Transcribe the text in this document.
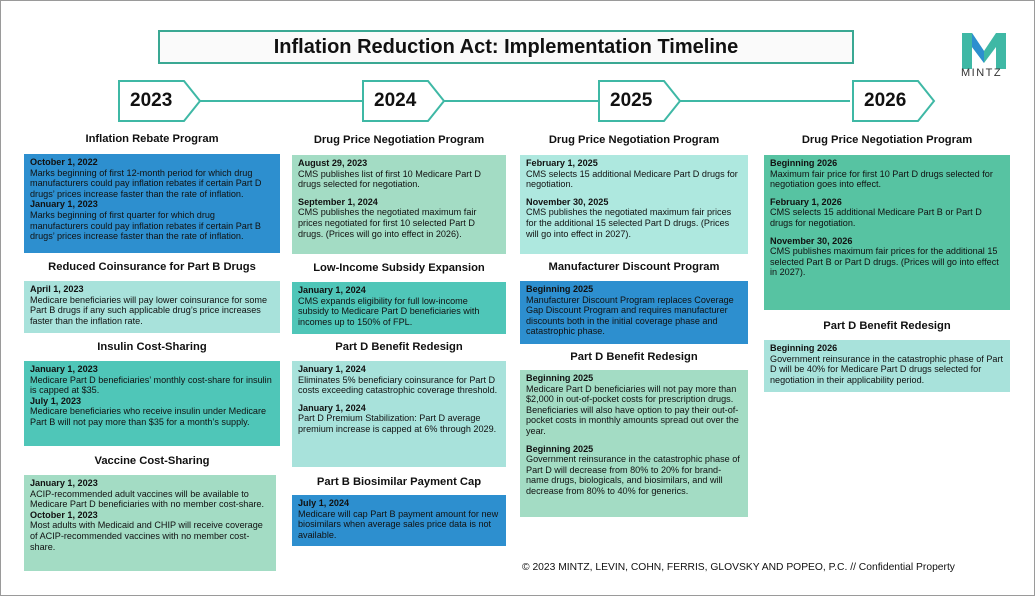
Inflation Reduction Act: Implementation Timeline
MINTZ
2023	2024	2025	2026
Inflation Rebate Program
October 1, 2022
Marks beginning of first 12-month period for which drug manufacturers could pay inflation rebates if certain Part D drugs’ prices increase faster than the rate of inflation.
January 1, 2023
Marks beginning of first quarter for which drug manufacturers could pay inflation rebates if certain Part B drugs’ prices increase faster than the rate of inflation.
Reduced Coinsurance for Part B Drugs
April 1, 2023
Medicare beneficiaries will pay lower coinsurance for some Part B drugs if any such applicable drug’s price increases faster than the inflation rate.
Insulin Cost-Sharing
January 1, 2023
Medicare Part D beneficiaries’ monthly cost-share for insulin is capped at $35.
July 1, 2023
Medicare beneficiaries who receive insulin under Medicare Part B will not pay more than $35 for a month’s supply.
Vaccine Cost-Sharing
January 1, 2023
ACIP-recommended adult vaccines will be available to Medicare Part D beneficiaries with no member cost-share.
October 1, 2023
Most adults with Medicaid and CHIP will receive coverage of ACIP-recommended vaccines with no member cost-share.
Drug Price Negotiation Program
August 29, 2023
CMS publishes list of first 10 Medicare Part D drugs selected for negotiation.
September 1, 2024
CMS publishes the negotiated maximum fair prices negotiated for first 10 selected Part D drugs. (Prices will go into effect in 2026).
Low-Income Subsidy Expansion
January 1, 2024
CMS expands eligibility for full low-income subsidy to Medicare Part D beneficiaries with incomes up to 150% of FPL.
Part D Benefit Redesign
January 1, 2024
Eliminates 5% beneficiary coinsurance for Part D costs exceeding catastrophic coverage threshold.
January 1, 2024
Part D Premium Stabilization: Part D average premium increase is capped at 6% through 2029.
Part B Biosimilar Payment Cap
July 1, 2024
Medicare will cap Part B payment amount for new biosimilars when average sales price data is not available.
Drug Price Negotiation Program
February 1, 2025
CMS selects 15 additional Medicare Part D drugs for negotiation.
November 30, 2025
CMS publishes the negotiated maximum fair prices for the additional 15 selected Part D drugs. (Prices will go into effect in 2027).
Manufacturer Discount Program
Beginning 2025
Manufacturer Discount Program replaces Coverage Gap Discount Program and requires manufacturer discounts both in the initial coverage phase and catastrophic phase.
Part D Benefit Redesign
Beginning 2025
Medicare Part D beneficiaries will not pay more than $2,000 in out-of-pocket costs for prescription drugs. Beneficiaries will also have option to pay their out-of-pocket costs in monthly amounts spread out over the year.
Beginning 2025
Government reinsurance in the catastrophic phase of Part D will decrease from 80% to 20% for brand-name drugs, biologicals, and biosimilars, and will decrease from 80% to 40% for generics.
Drug Price Negotiation Program
Beginning 2026
Maximum fair price for first 10 Part D drugs selected for negotiation goes into effect.
February 1, 2026
CMS selects 15 additional Medicare Part B or Part D drugs for negotiation.
November 30, 2026
CMS publishes maximum fair prices for the additional 15 selected Part B or Part D drugs. (Prices will go into effect in 2027).
Part D Benefit Redesign
Beginning 2026
Government reinsurance in the catastrophic phase of Part D will be 40% for Medicare Part D drugs selected for negotiation in their applicability period.
© 2023 MINTZ, LEVIN, COHN, FERRIS, GLOVSKY AND POPEO, P.C. // Confidential Property
